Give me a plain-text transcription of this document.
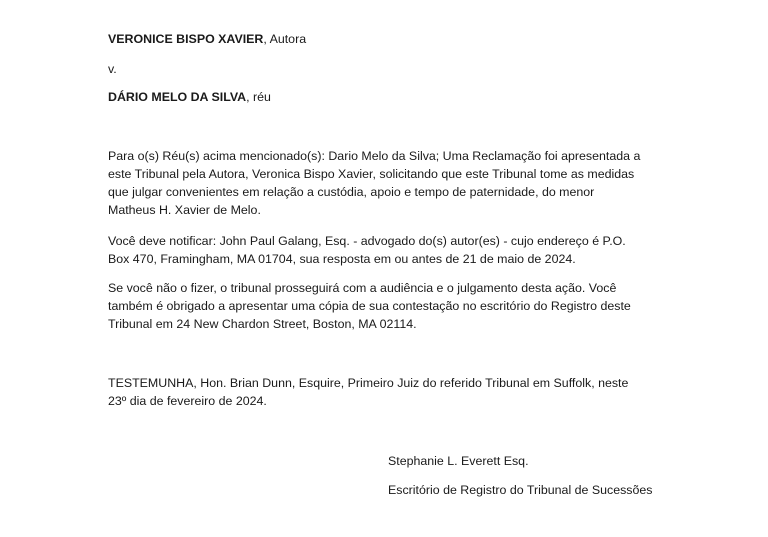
VERONICE BISPO XAVIER, Autora
v.
DÁRIO MELO DA SILVA, réu

Para o(s) Réu(s) acima mencionado(s): Dario Melo da Silva; Uma Reclamação foi apresentada a
este Tribunal pela Autora, Veronica Bispo Xavier, solicitando que este Tribunal tome as medidas
que julgar convenientes em relação a custódia, apoio e tempo de paternidade, do menor
Matheus H. Xavier de Melo.

Você deve notificar: John Paul Galang, Esq. - advogado do(s) autor(es) - cujo endereço é P.O.
Box 470, Framingham, MA 01704, sua resposta em ou antes de 21 de maio de 2024.

Se você não o fizer, o tribunal prosseguirá com a audiência e o julgamento desta ação. Você
também é obrigado a apresentar uma cópia de sua contestação no escritório do Registro deste
Tribunal em 24 New Chardon Street, Boston, MA 02114.

TESTEMUNHA, Hon. Brian Dunn, Esquire, Primeiro Juiz do referido Tribunal em Suffolk, neste
23º dia de fevereiro de 2024.

Stephanie L. Everett Esq.
Escritório de Registro do Tribunal de Sucessões
